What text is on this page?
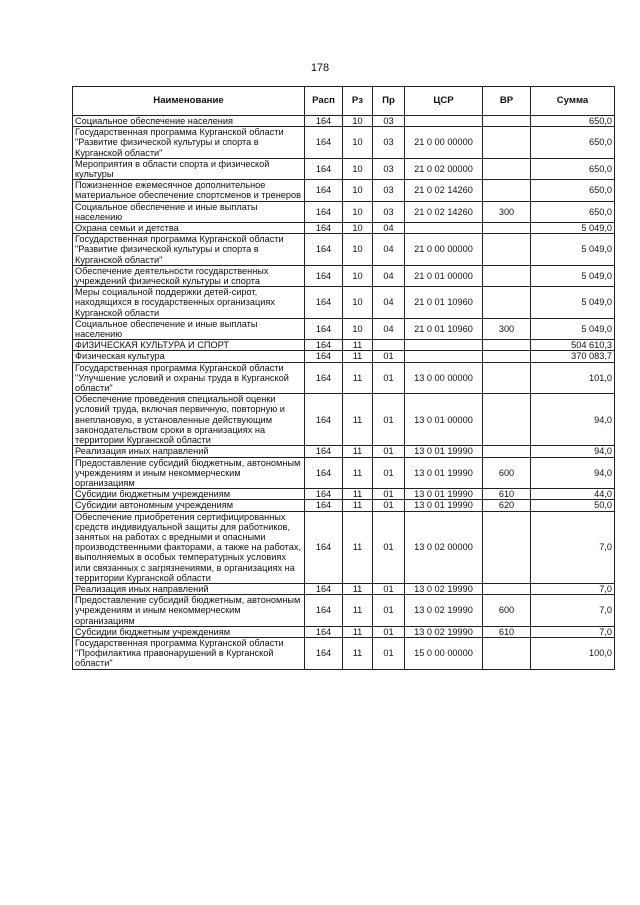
178
Наименование	Расп	Рз	Пр	ЦСР	ВР	Сумма
Социальное обеспечение населения	164	10	03			650,0
Государственная программа Курганской области "Развитие физической культуры и спорта в Курганской области"	164	10	03	21 0 00 00000		650,0
Мероприятия в области спорта и физической культуры	164	10	03	21 0 02 00000		650,0
Пожизненное ежемесячное дополнительное материальное обеспечение спортсменов и тренеров	164	10	03	21 0 02 14260		650,0
Социальное обеспечение и иные выплаты населению	164	10	03	21 0 02 14260	300	650,0
Охрана семьи и детства	164	10	04			5 049,0
Государственная программа Курганской области "Развитие физической культуры и спорта в Курганской области"	164	10	04	21 0 00 00000		5 049,0
Обеспечение деятельности государственных учреждений физической культуры и спорта	164	10	04	21 0 01 00000		5 049,0
Меры социальной поддержки детей-сирот, находящихся в государственных организациях Курганской области	164	10	04	21 0 01 10960		5 049,0
Социальное обеспечение и иные выплаты населению	164	10	04	21 0 01 10960	300	5 049,0
ФИЗИЧЕСКАЯ КУЛЬТУРА И СПОРТ	164	11				504 610,3
Физическая культура	164	11	01			370 083,7
Государственная программа Курганской области "Улучшение условий и охраны труда в Курганской области"	164	11	01	13 0 00 00000		101,0
Обеспечение проведения специальной оценки условий труда, включая первичную, повторную и внеплановую, в установленные действующим законодательством сроки в организациях на территории Курганской области	164	11	01	13 0 01 00000		94,0
Реализация иных направлений	164	11	01	13 0 01 19990		94,0
Предоставление субсидий бюджетным, автономным учреждениям и иным некоммерческим организациям	164	11	01	13 0 01 19990	600	94,0
Субсидии бюджетным учреждениям	164	11	01	13 0 01 19990	610	44,0
Субсидии автономным учреждениям	164	11	01	13 0 01 19990	620	50,0
Обеспечение приобретения сертифицированных средств индивидуальной защиты для работников, занятых на работах с вредными и опасными производственными факторами, а также на работах, выполняемых в особых температурных условиях или связанных с загрязнениями, в организациях на территории Курганской области	164	11	01	13 0 02 00000		7,0
Реализация иных направлений	164	11	01	13 0 02 19990		7,0
Предоставление субсидий бюджетным, автономным учреждениям и иным некоммерческим организациям	164	11	01	13 0 02 19990	600	7,0
Субсидии бюджетным учреждениям	164	11	01	13 0 02 19990	610	7,0
Государственная программа Курганской области "Профилактика правонарушений в Курганской области"	164	11	01	15 0 00 00000		100,0
